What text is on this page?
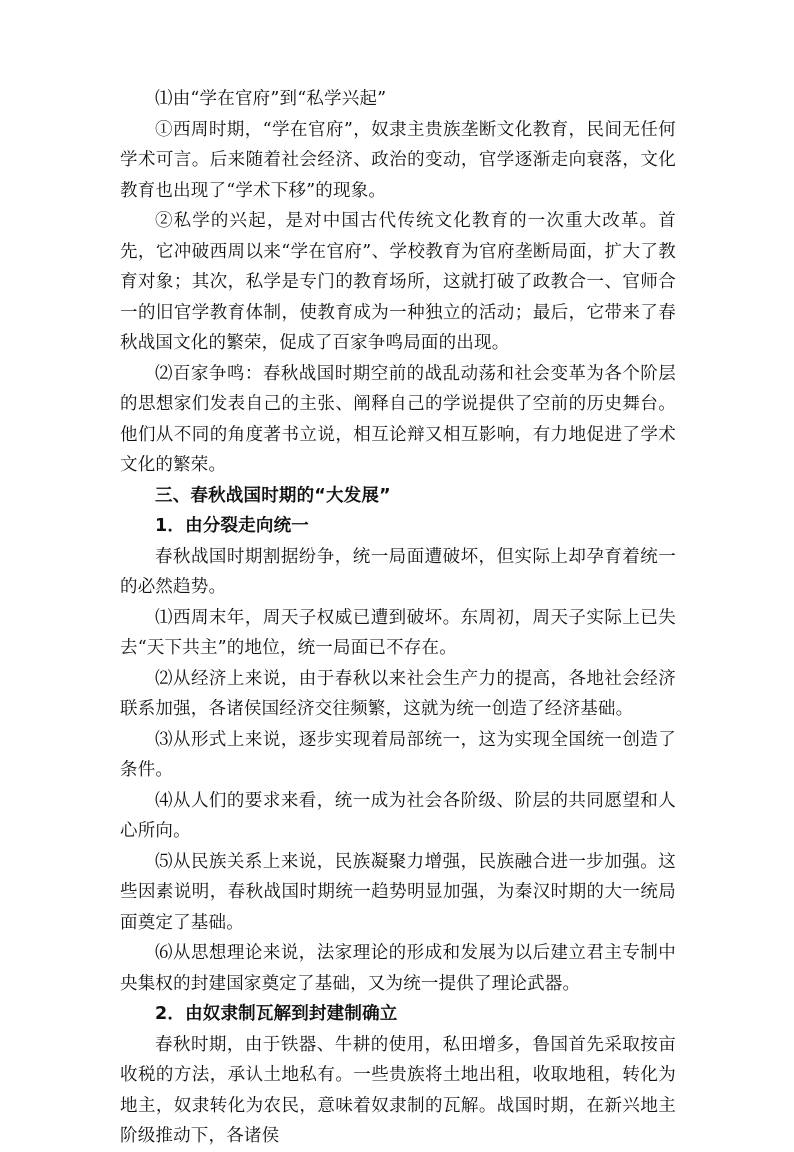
⑴由“学在官府”到“私学兴起”

①西周时期，“学在官府”，奴隶主贵族垄断文化教育，民间无任何学术可言。后来随着社会经济、政治的变动，官学逐渐走向衰落，文化教育也出现了“学术下移”的现象。

②私学的兴起，是对中国古代传统文化教育的一次重大改革。首先，它冲破西周以来“学在官府”、学校教育为官府垄断局面，扩大了教育对象；其次，私学是专门的教育场所，这就打破了政教合一、官师合一的旧官学教育体制，使教育成为一种独立的活动；最后，它带来了春秋战国文化的繁荣，促成了百家争鸣局面的出现。

⑵百家争鸣：春秋战国时期空前的战乱动荡和社会变革为各个阶层的思想家们发表自己的主张、阐释自己的学说提供了空前的历史舞台。他们从不同的角度著书立说，相互论辩又相互影响，有力地促进了学术文化的繁荣。

三、春秋战国时期的“大发展”

1．由分裂走向统一

春秋战国时期割据纷争，统一局面遭破坏，但实际上却孕育着统一的必然趋势。

⑴西周末年，周天子权威已遭到破坏。东周初，周天子实际上已失去“天下共主”的地位，统一局面已不存在。

⑵从经济上来说，由于春秋以来社会生产力的提高，各地社会经济联系加强，各诸侯国经济交往频繁，这就为统一创造了经济基础。

⑶从形式上来说，逐步实现着局部统一，这为实现全国统一创造了条件。

⑷从人们的要求来看，统一成为社会各阶级、阶层的共同愿望和人心所向。

⑸从民族关系上来说，民族凝聚力增强，民族融合进一步加强。这些因素说明，春秋战国时期统一趋势明显加强，为秦汉时期的大一统局面奠定了基础。

⑹从思想理论来说，法家理论的形成和发展为以后建立君主专制中央集权的封建国家奠定了基础，又为统一提供了理论武器。

2．由奴隶制瓦解到封建制确立

春秋时期，由于铁器、牛耕的使用，私田增多，鲁国首先采取按亩收税的方法，承认土地私有。一些贵族将土地出租，收取地租，转化为地主，奴隶转化为农民，意味着奴隶制的瓦解。战国时期，在新兴地主阶级推动下，各诸侯
